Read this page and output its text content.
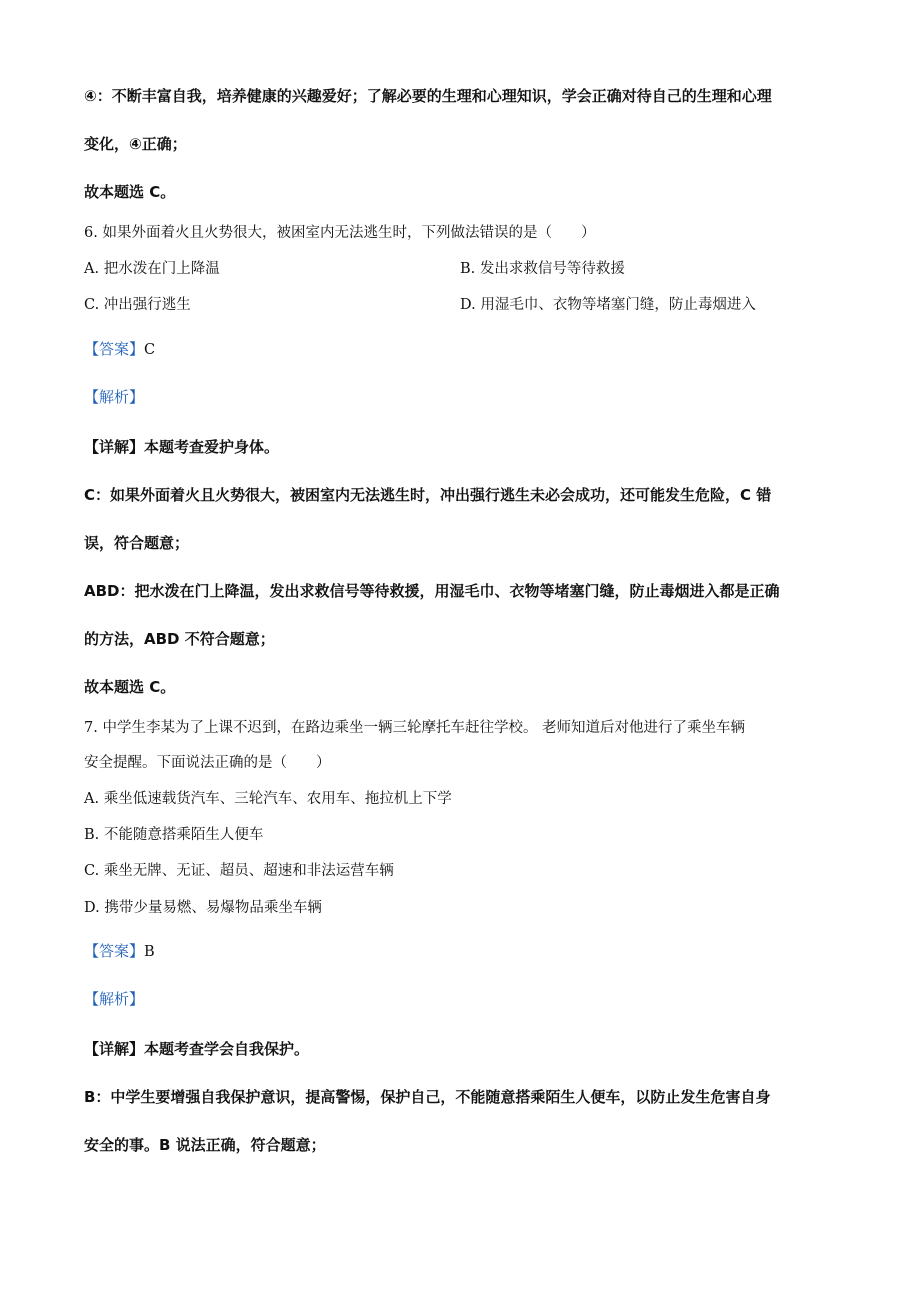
④：不断丰富自我，培养健康的兴趣爱好；了解必要的生理和心理知识，学会正确对待自己的生理和心理
变化，④正确；
故本题选 C。
6. 如果外面着火且火势很大，被困室内无法逃生时，下列做法错误的是（　　）
A. 把水泼在门上降温	B. 发出求救信号等待救援
C. 冲出强行逃生	D. 用湿毛巾、衣物等堵塞门缝，防止毒烟进入
【答案】C
【解析】
【详解】本题考查爱护身体。
C：如果外面着火且火势很大，被困室内无法逃生时，冲出强行逃生未必会成功，还可能发生危险，C 错
误，符合题意；
ABD：把水泼在门上降温，发出求救信号等待救援，用湿毛巾、衣物等堵塞门缝，防止毒烟进入都是正确
的方法，ABD 不符合题意；
故本题选 C。
7. 中学生李某为了上课不迟到，在路边乘坐一辆三轮摩托车赶往学校。 老师知道后对他进行了乘坐车辆
安全提醒。下面说法正确的是（　　）
A. 乘坐低速载货汽车、三轮汽车、农用车、拖拉机上下学
B. 不能随意搭乘陌生人便车
C. 乘坐无牌、无证、超员、超速和非法运营车辆
D. 携带少量易燃、易爆物品乘坐车辆
【答案】B
【解析】
【详解】本题考查学会自我保护。
B：中学生要增强自我保护意识，提高警惕，保护自己，不能随意搭乘陌生人便车，以防止发生危害自身
安全的事。B 说法正确，符合题意；
